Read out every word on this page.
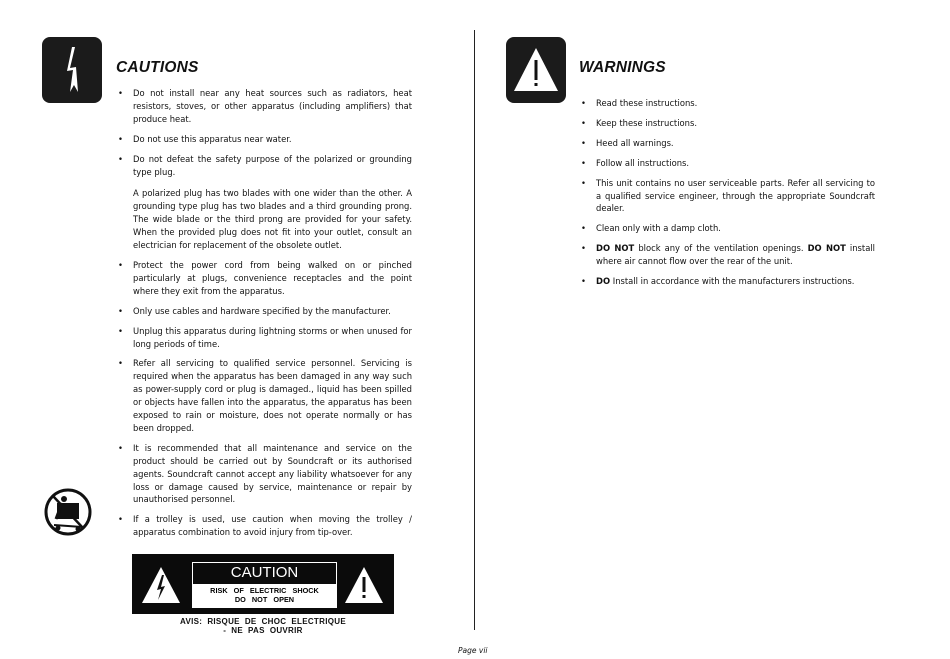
CAUTIONS

• Do not install near any heat sources such as radiators, heat resistors, stoves, or other apparatus (including amplifiers) that produce heat.

• Do not use this apparatus near water.

• Do not defeat the safety purpose of the polarized or grounding type plug.

A polarized plug has two blades with one wider than the other. A grounding type plug has two blades and a third grounding prong. The wide blade or the third prong are provided for your safety. When the provided plug does not fit into your outlet, consult an electrician for replacement of the obsolete outlet.

• Protect the power cord from being walked on or pinched particularly at plugs, convenience receptacles and the point where they exit from the apparatus.

• Only use cables and hardware specified by the manufacturer.

• Unplug this apparatus during lightning storms or when unused for long periods of time.

• Refer all servicing to qualified service personnel. Servicing is required when the apparatus has been damaged in any way such as power-supply cord or plug is damaged., liquid has been spilled or objects have fallen into the apparatus, the apparatus has been exposed to rain or moisture, does not operate normally or has been dropped.

• It is recommended that all maintenance and service on the product should be carried out by Soundcraft or its authorised agents. Soundcraft cannot accept any liability whatsoever for any loss or damage caused by service, maintenance or repair by unauthorised personnel.

• If a trolley is used, use caution when moving the trolley / apparatus combination to avoid injury from tip-over.

CAUTION
RISK   OF   ELECTRIC   SHOCK
DO   NOT   OPEN
AVIS:  RISQUE  DE  CHOC  ELECTRIQUE
-  NE  PAS  OUVRIR
WARNINGS

• Read these instructions.

• Keep these instructions.

• Heed all warnings.

• Follow all instructions.

• This unit contains no user serviceable parts. Refer all servicing to a qualified service engineer, through the appropriate Soundcraft dealer.

• Clean only with a damp cloth.

• DO NOT block any of the ventilation openings. DO NOT install where air cannot flow over the rear of the unit.

• DO Install in accordance with the manufacturers instructions.

Page vii
